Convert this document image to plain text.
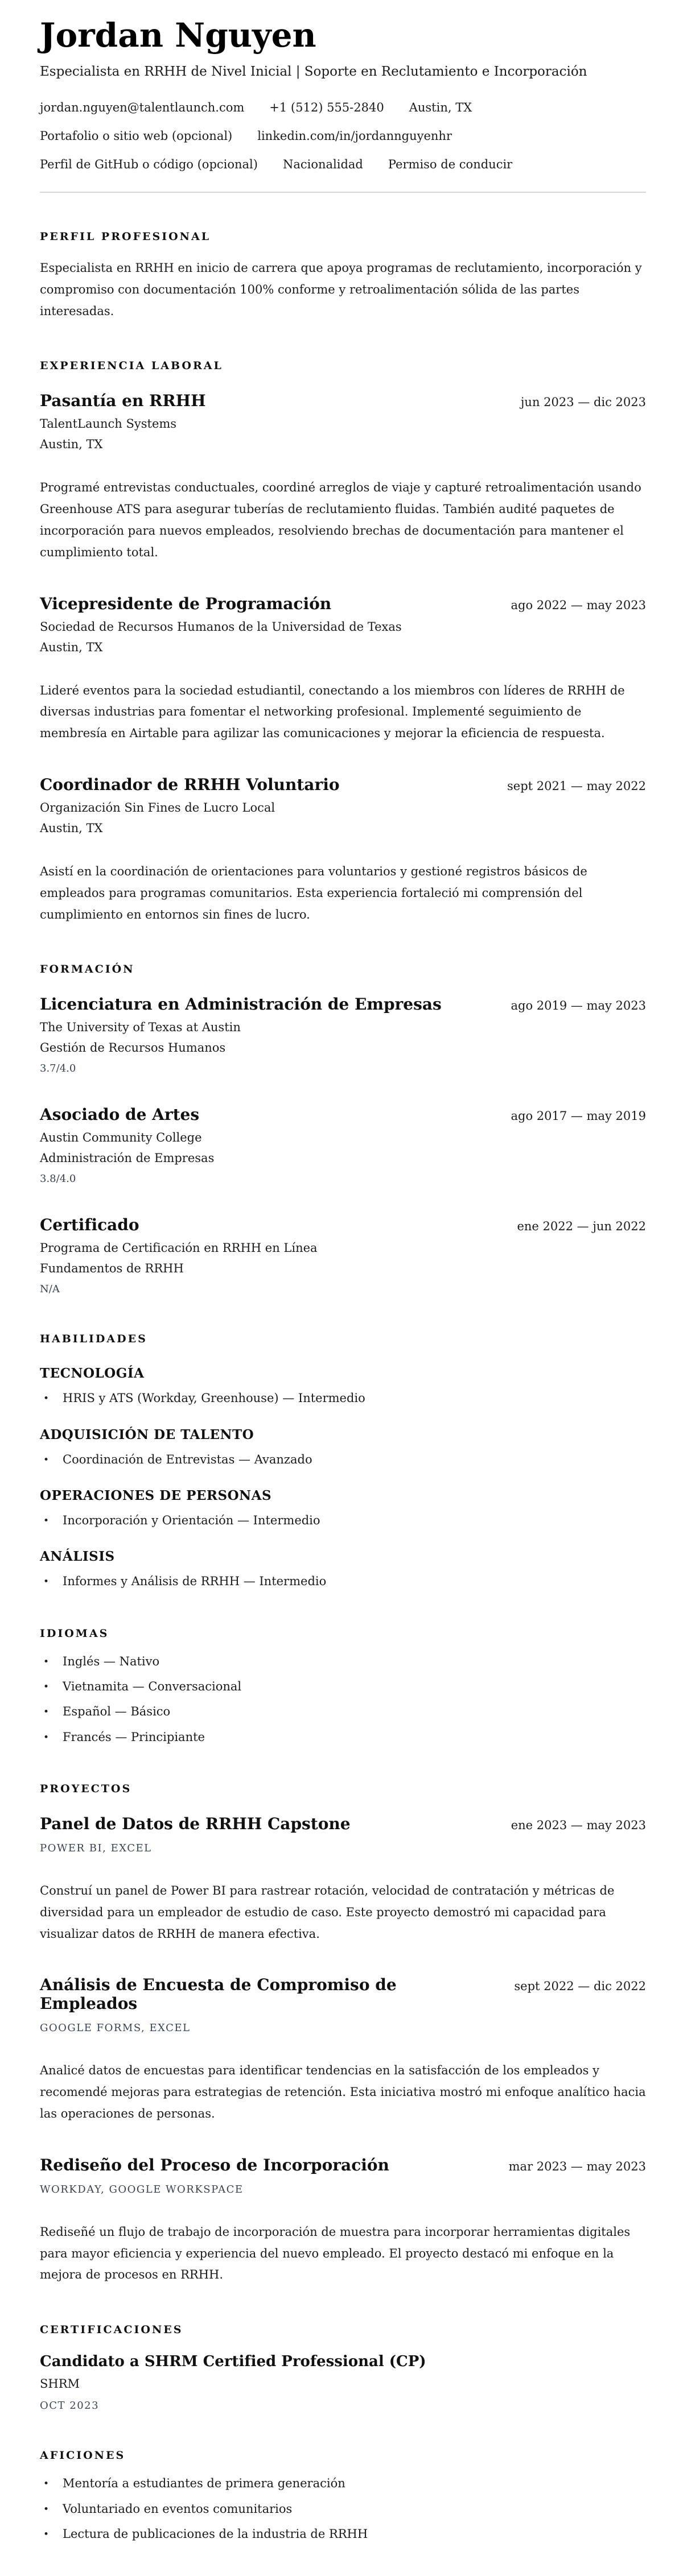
Jordan Nguyen

Especialista en RRHH de Nivel Inicial | Soporte en Reclutamiento e Incorporación

jordan.nguyen@talentlaunch.com +1 (512) 555-2840 Austin, TX
Portafolio o sitio web (opcional) linkedin.com/in/jordannguyenhr
Perfil de GitHub o código (opcional) Nacionalidad Permiso de conducir
PERFIL PROFESIONAL

Especialista en RRHH en inicio de carrera que apoya programas de reclutamiento, incorporación y compromiso con documentación 100% conforme y retroalimentación sólida de las partes interesadas.

EXPERIENCIA LABORAL
Pasantía en RRHH	jun 2023 — dic 2023

TalentLaunch Systems

Austin, TX

Programé entrevistas conductuales, coordiné arreglos de viaje y capturé retroalimentación usando Greenhouse ATS para asegurar tuberías de reclutamiento fluidas. También audité paquetes de incorporación para nuevos empleados, resolviendo brechas de documentación para mantener el cumplimiento total.

Vicepresidente de Programación	ago 2022 — may 2023

Sociedad de Recursos Humanos de la Universidad de Texas

Austin, TX

Lideré eventos para la sociedad estudiantil, conectando a los miembros con líderes de RRHH de diversas industrias para fomentar el networking profesional. Implementé seguimiento de membresía en Airtable para agilizar las comunicaciones y mejorar la eficiencia de respuesta.

Coordinador de RRHH Voluntario	sept 2021 — may 2022

Organización Sin Fines de Lucro Local

Austin, TX

Asistí en la coordinación de orientaciones para voluntarios y gestioné registros básicos de empleados para programas comunitarios. Esta experiencia fortaleció mi comprensión del cumplimiento en entornos sin fines de lucro.

FORMACIÓN
Licenciatura en Administración de Empresas	ago 2019 — may 2023

The University of Texas at Austin

Gestión de Recursos Humanos

3.7/4.0

Asociado de Artes	ago 2017 — may 2019

Austin Community College

Administración de Empresas

3.8/4.0

Certificado	ene 2022 — jun 2022

Programa de Certificación en RRHH en Línea

Fundamentos de RRHH

N/A

HABILIDADES
TECNOLOGÍA
• HRIS y ATS (Workday, Greenhouse) — Intermedio
ADQUISICIÓN DE TALENTO
• Coordinación de Entrevistas — Avanzado
OPERACIONES DE PERSONAS
• Incorporación y Orientación — Intermedio
ANÁLISIS
• Informes y Análisis de RRHH — Intermedio
IDIOMAS
• Inglés — Nativo
• Vietnamita — Conversacional
• Español — Básico
• Francés — Principiante
PROYECTOS
Panel de Datos de RRHH Capstone	ene 2023 — may 2023

POWER BI, EXCEL

Construí un panel de Power BI para rastrear rotación, velocidad de contratación y métricas de diversidad para un empleador de estudio de caso. Este proyecto demostró mi capacidad para visualizar datos de RRHH de manera efectiva.

Análisis de Encuesta de Compromiso de Empleados
sept 2022 — dic 2022

GOOGLE FORMS, EXCEL

Analicé datos de encuestas para identificar tendencias en la satisfacción de los empleados y recomendé mejoras para estrategias de retención. Esta iniciativa mostró mi enfoque analítico hacia las operaciones de personas.

Rediseño del Proceso de Incorporación	mar 2023 — may 2023

WORKDAY, GOOGLE WORKSPACE

Rediseñé un flujo de trabajo de incorporación de muestra para incorporar herramientas digitales para mayor eficiencia y experiencia del nuevo empleado. El proyecto destacó mi enfoque en la mejora de procesos en RRHH.

CERTIFICACIONES
Candidato a SHRM Certified Professional (CP)

SHRM

OCT 2023

AFICIONES
• Mentoría a estudiantes de primera generación
• Voluntariado en eventos comunitarios
• Lectura de publicaciones de la industria de RRHH
